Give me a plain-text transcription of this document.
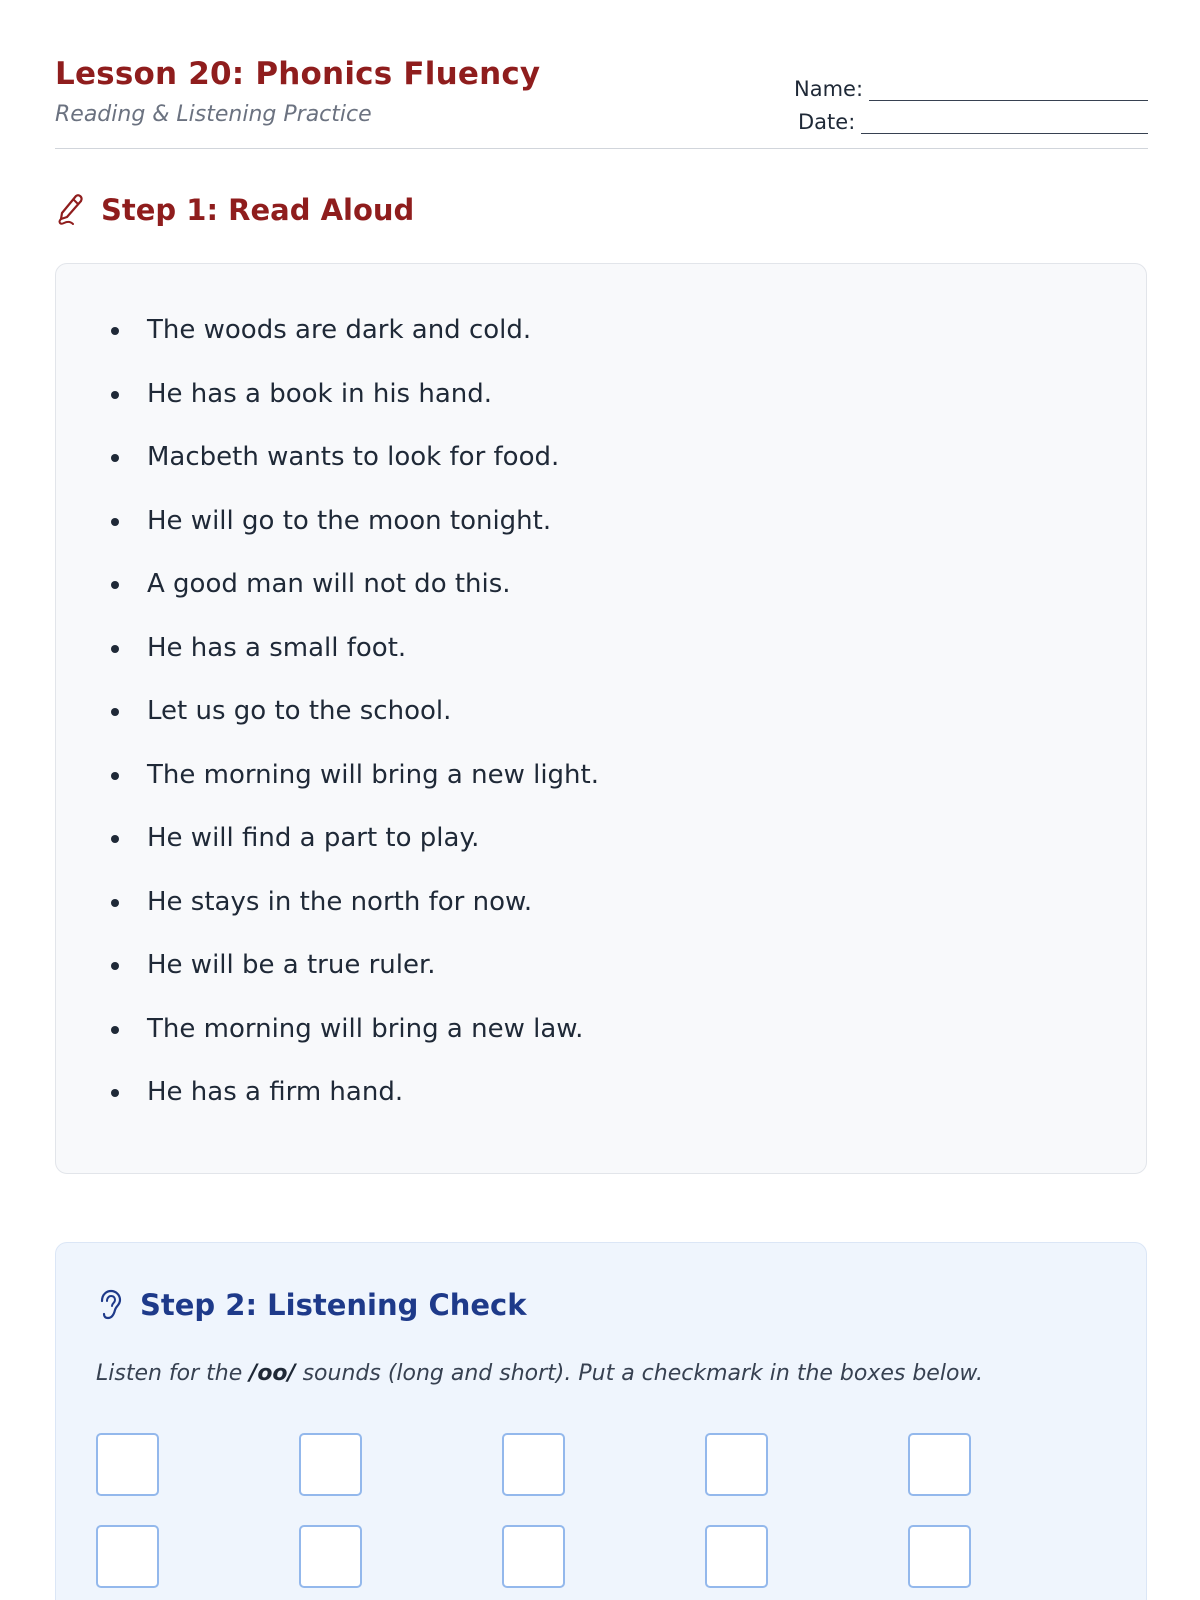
Lesson 20: Phonics Fluency

Reading & Listening Practice

Name:
Date:
Step 1: Read Aloud
The woods are dark and cold.
He has a book in his hand.
Macbeth wants to look for food.
He will go to the moon tonight.
A good man will not do this.
He has a small foot.
Let us go to the school.
The morning will bring a new light.
He will find a part to play.
He stays in the north for now.
He will be a true ruler.
The morning will bring a new law.
He has a firm hand.
Step 2: Listening Check
Listen for the /oo/ sounds (long and short). Put a checkmark in the boxes below.
